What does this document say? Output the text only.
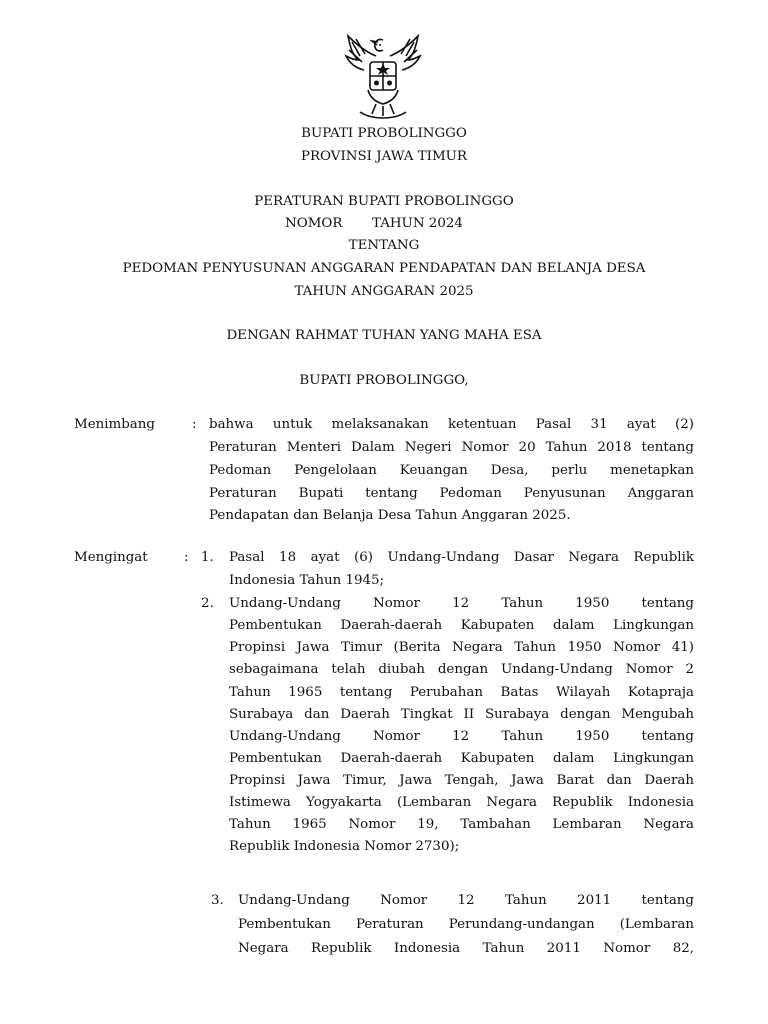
BUPATI PROBOLINGGO
PROVINSI JAWA TIMUR
PERATURAN BUPATI PROBOLINGGO
NOMOR TAHUN 2024
TENTANG
PEDOMAN PENYUSUNAN ANGGARAN PENDAPATAN DAN BELANJA DESA
TAHUN ANGGARAN 2025
DENGAN RAHMAT TUHAN YANG MAHA ESA
BUPATI PROBOLINGGO,
Menimbang	: bahwa untuk melaksanakan ketentuan Pasal 31 ayat (2)
Peraturan Menteri Dalam Negeri Nomor 20 Tahun 2018 tentang
Pedoman Pengelolaan Keuangan Desa, perlu menetapkan
Peraturan Bupati tentang Pedoman Penyusunan Anggaran
Pendapatan dan Belanja Desa Tahun Anggaran 2025.
Mengingat	: 1. Pasal 18 ayat (6) Undang-Undang Dasar Negara Republik
Indonesia Tahun 1945;
2. Undang-Undang Nomor 12 Tahun 1950 tentang
Pembentukan Daerah-daerah Kabupaten dalam Lingkungan
Propinsi Jawa Timur (Berita Negara Tahun 1950 Nomor 41)
sebagaimana telah diubah dengan Undang-Undang Nomor 2
Tahun 1965 tentang Perubahan Batas Wilayah Kotapraja
Surabaya dan Daerah Tingkat II Surabaya dengan Mengubah
Undang-Undang Nomor 12 Tahun 1950 tentang
Pembentukan Daerah-daerah Kabupaten dalam Lingkungan
Propinsi Jawa Timur, Jawa Tengah, Jawa Barat dan Daerah
Istimewa Yogyakarta (Lembaran Negara Republik Indonesia
Tahun 1965 Nomor 19, Tambahan Lembaran Negara
Republik Indonesia Nomor 2730);
3. Undang-Undang Nomor 12 Tahun 2011 tentang
Pembentukan Peraturan Perundang-undangan (Lembaran
Negara Republik Indonesia Tahun 2011 Nomor 82,
